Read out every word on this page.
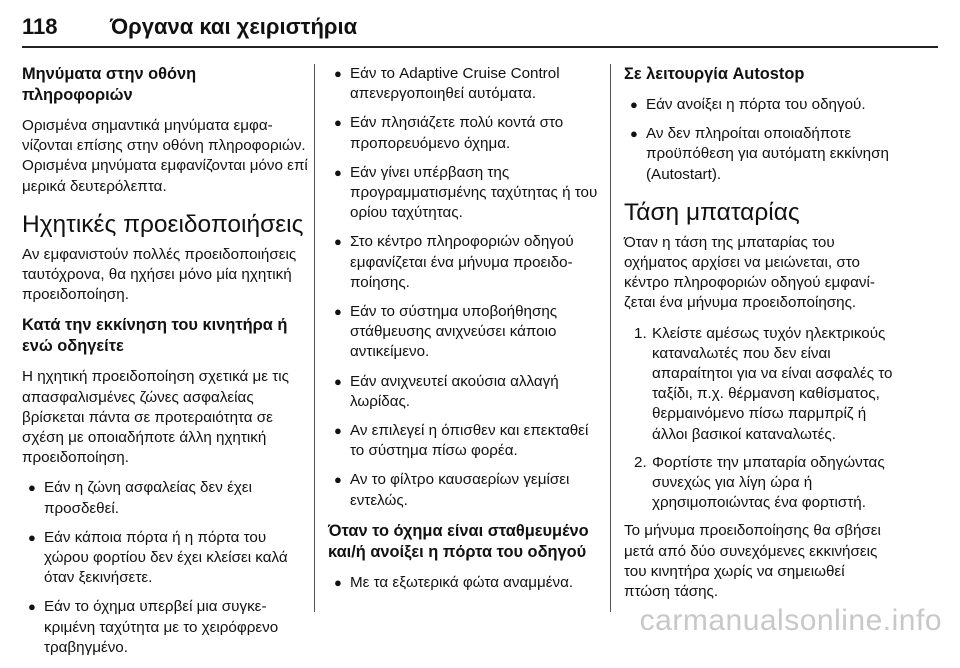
118	Όργανα και χειριστήρια
Μηνύματα στην οθόνη πληροφοριών

Ορισμένα σημαντικά μηνύματα εμφανίζονται επίσης στην οθόνη πληροφοριών. Ορισμένα μηνύματα εμφανίζονται μόνο επί μερικά δευτερόλεπτα.

Ηχητικές προειδοποιήσεις

Αν εμφανιστούν πολλές προειδοποιήσεις ταυτόχρονα, θα ηχήσει μόνο μία ηχητική προειδοποίηση.

Κατά την εκκίνηση του κινητήρα ή ενώ οδηγείτε

Η ηχητική προειδοποίηση σχετικά με τις απασφαλισμένες ζώνες ασφαλείας βρίσκεται πάντα σε προτεραιότητα σε σχέση με οποιαδήποτε άλλη ηχητική προειδοποίηση.

● Εάν η ζώνη ασφαλείας δεν έχει προσδεθεί.
● Εάν κάποια πόρτα ή η πόρτα του χώρου φορτίου δεν έχει κλείσει καλά όταν ξεκινήσετε.
● Εάν το όχημα υπερβεί μια συγκεκριμένη ταχύτητα με το χειρόφρενο τραβηγμένο.
● Εάν το Adaptive Cruise Control απενεργοποιηθεί αυτόματα.
● Εάν πλησιάζετε πολύ κοντά στο προπορευόμενο όχημα.
● Εάν γίνει υπέρβαση της προγραμματισμένης ταχύτητας ή του ορίου ταχύτητας.
● Στο κέντρο πληροφοριών οδηγού εμφανίζεται ένα μήνυμα προειδοποίησης.
● Εάν το σύστημα υποβοήθησης στάθμευσης ανιχνεύσει κάποιο αντικείμενο.
● Εάν ανιχνευτεί ακούσια αλλαγή λωρίδας.
● Αν επιλεγεί η όπισθεν και επεκταθεί το σύστημα πίσω φορέα.
● Αν το φίλτρο καυσαερίων γεμίσει εντελώς.
Όταν το όχημα είναι σταθμευμένο και/ή ανοίξει η πόρτα του οδηγού
● Με τα εξωτερικά φώτα αναμμένα.
Σε λειτουργία Autostop
● Εάν ανοίξει η πόρτα του οδηγού.
● Αν δεν πληροίται οποιαδήποτε προϋπόθεση για αυτόματη εκκίνηση (Autostart).
Τάση μπαταρίας

Όταν η τάση της μπαταρίας του οχήματος αρχίσει να μειώνεται, στο κέντρο πληροφοριών οδηγού εμφανίζεται ένα μήνυμα προειδοποίησης.

1. Κλείστε αμέσως τυχόν ηλεκτρικούς καταναλωτές που δεν είναι απαραίτητοι για να είναι ασφαλές το ταξίδι, π.χ. θέρμανση καθίσματος, θερμαινόμενο πίσω παρμπρίζ ή άλλοι βασικοί καταναλωτές.
2. Φορτίστε την μπαταρία οδηγώντας συνεχώς για λίγη ώρα ή χρησιμοποιώντας ένα φορτιστή.

Το μήνυμα προειδοποίησης θα σβήσει μετά από δύο συνεχόμενες εκκινήσεις του κινητήρα χωρίς να σημειωθεί πτώση τάσης.

carmanualsonline.info
